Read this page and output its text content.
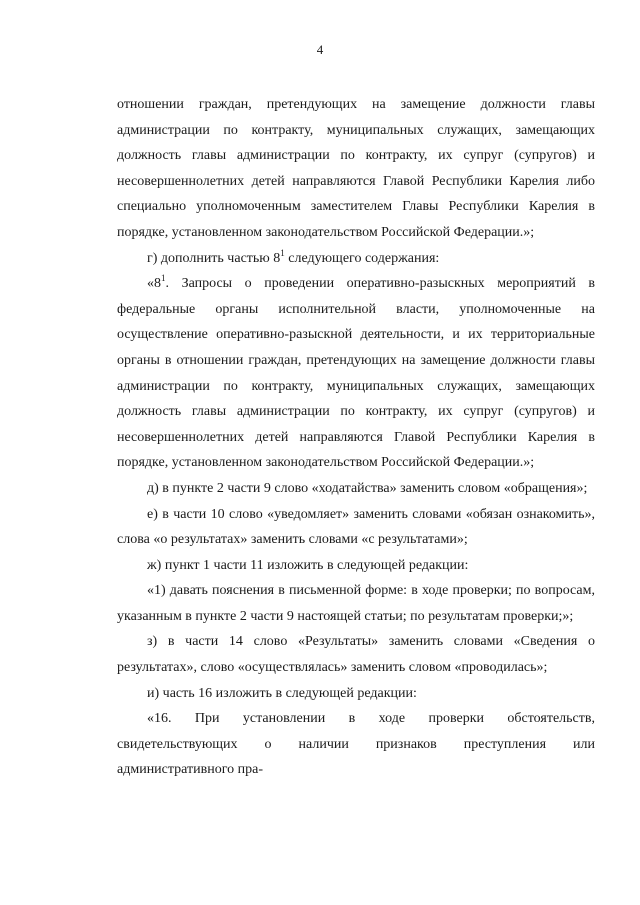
4

отношении граждан, претендующих на замещение должности главы администрации по контракту, муниципальных служащих, замещающих должность главы администрации по контракту, их супруг (супругов) и несовершеннолетних детей направляются Главой Республики Карелия либо специально уполномоченным заместителем Главы Республики Карелия в порядке, установленном законодательством Российской Федерации.»;

г) дополнить частью $8^1$ следующего содержания:

«$8^1$. Запросы о проведении оперативно-разыскных мероприятий в федеральные органы исполнительной власти, уполномоченные на осуществление оперативно-разыскной деятельности, и их территориальные органы в отношении граждан, претендующих на замещение должности главы администрации по контракту, муниципальных служащих, замещающих должность главы администрации по контракту, их супруг (супругов) и несовершеннолетних детей направляются Главой Республики Карелия в порядке, установленном законодательством Российской Федерации.»;

д) в пункте 2 части 9 слово «ходатайства» заменить словом «обращения»;

е) в части 10 слово «уведомляет» заменить словами «обязан ознакомить», слова «о результатах» заменить словами «с результатами»;

ж) пункт 1 части 11 изложить в следующей редакции:

«1) давать пояснения в письменной форме: в ходе проверки; по вопросам, указанным в пункте 2 части 9 настоящей статьи; по результатам проверки;»;

з) в части 14 слово «Результаты» заменить словами «Сведения о результатах», слово «осуществлялась» заменить словом «проводилась»;

и) часть 16 изложить в следующей редакции:

«16. При установлении в ходе проверки обстоятельств, свидетельствующих о наличии признаков преступления или административного пра-
